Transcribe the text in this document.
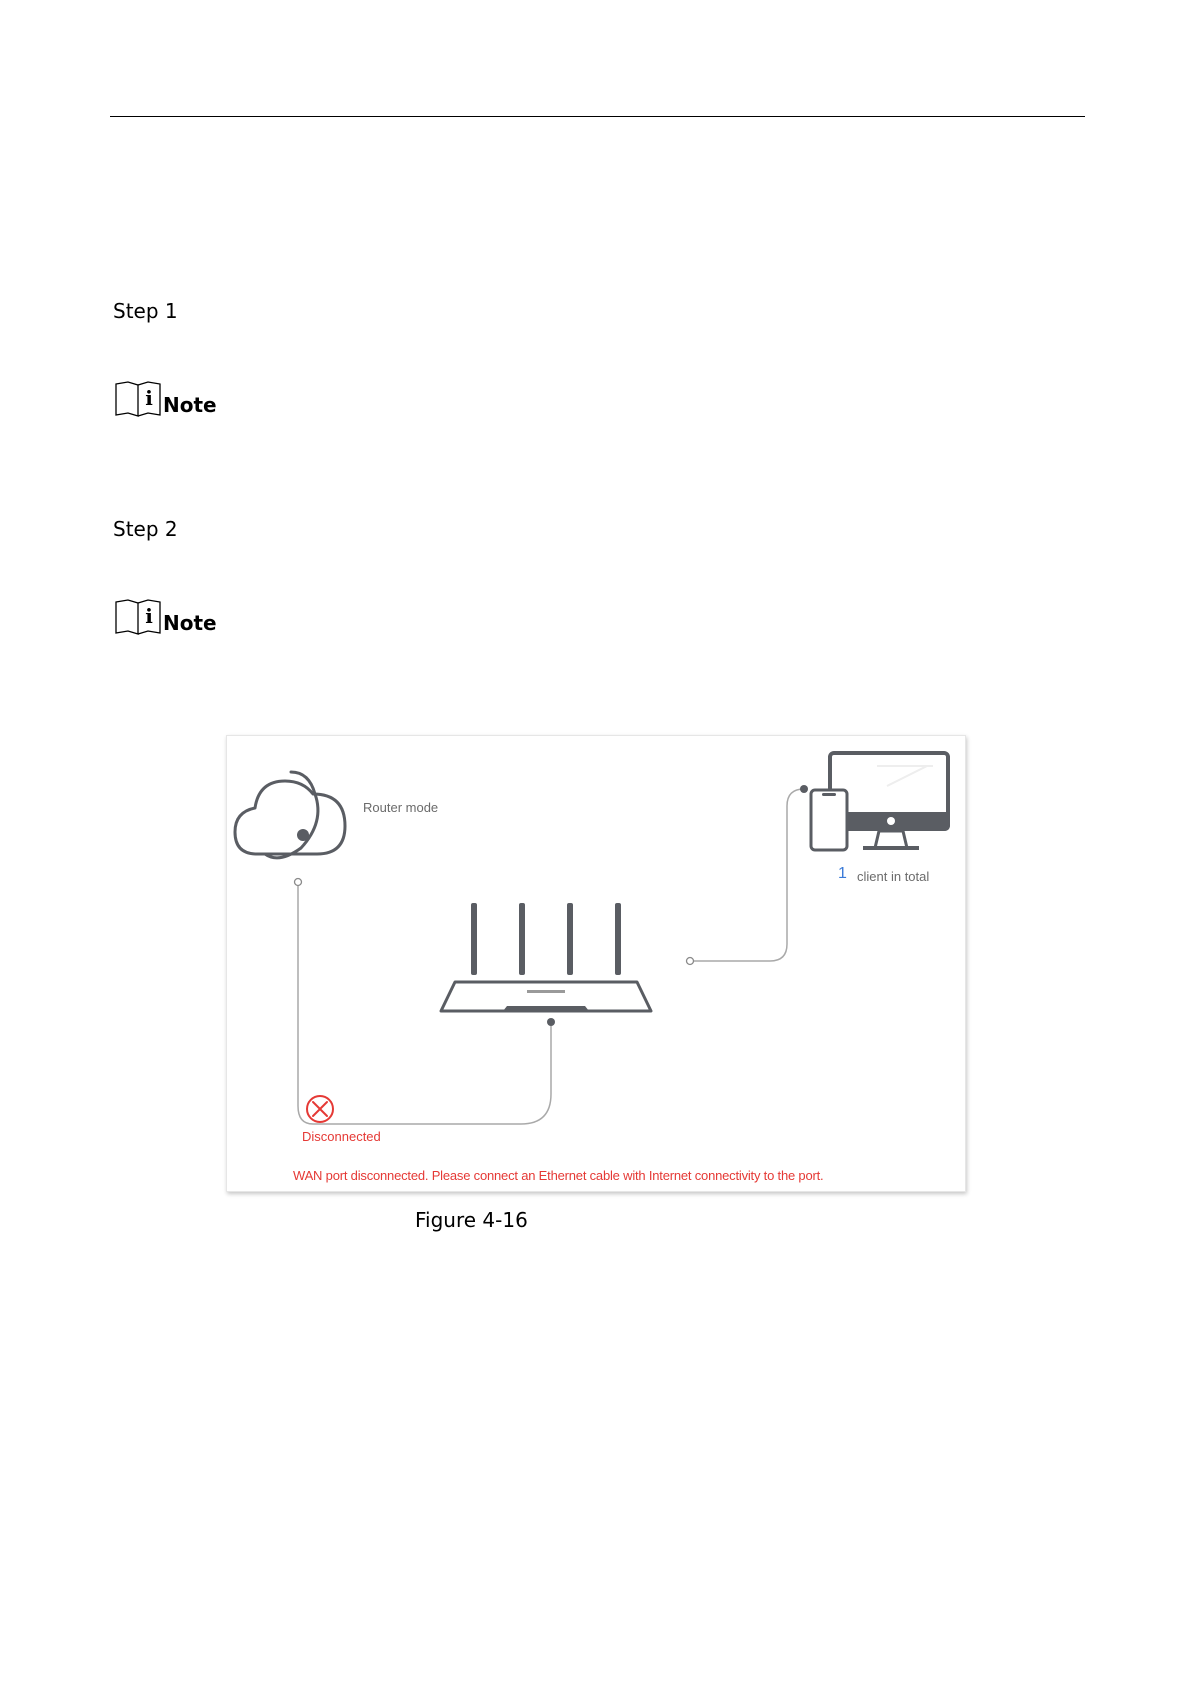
Step 1
i Note
Step 2
i Note
Router mode
1 client in total
Disconnected
WAN port disconnected. Please connect an Ethernet cable with Internet connectivity to the port.
Figure 4-16
